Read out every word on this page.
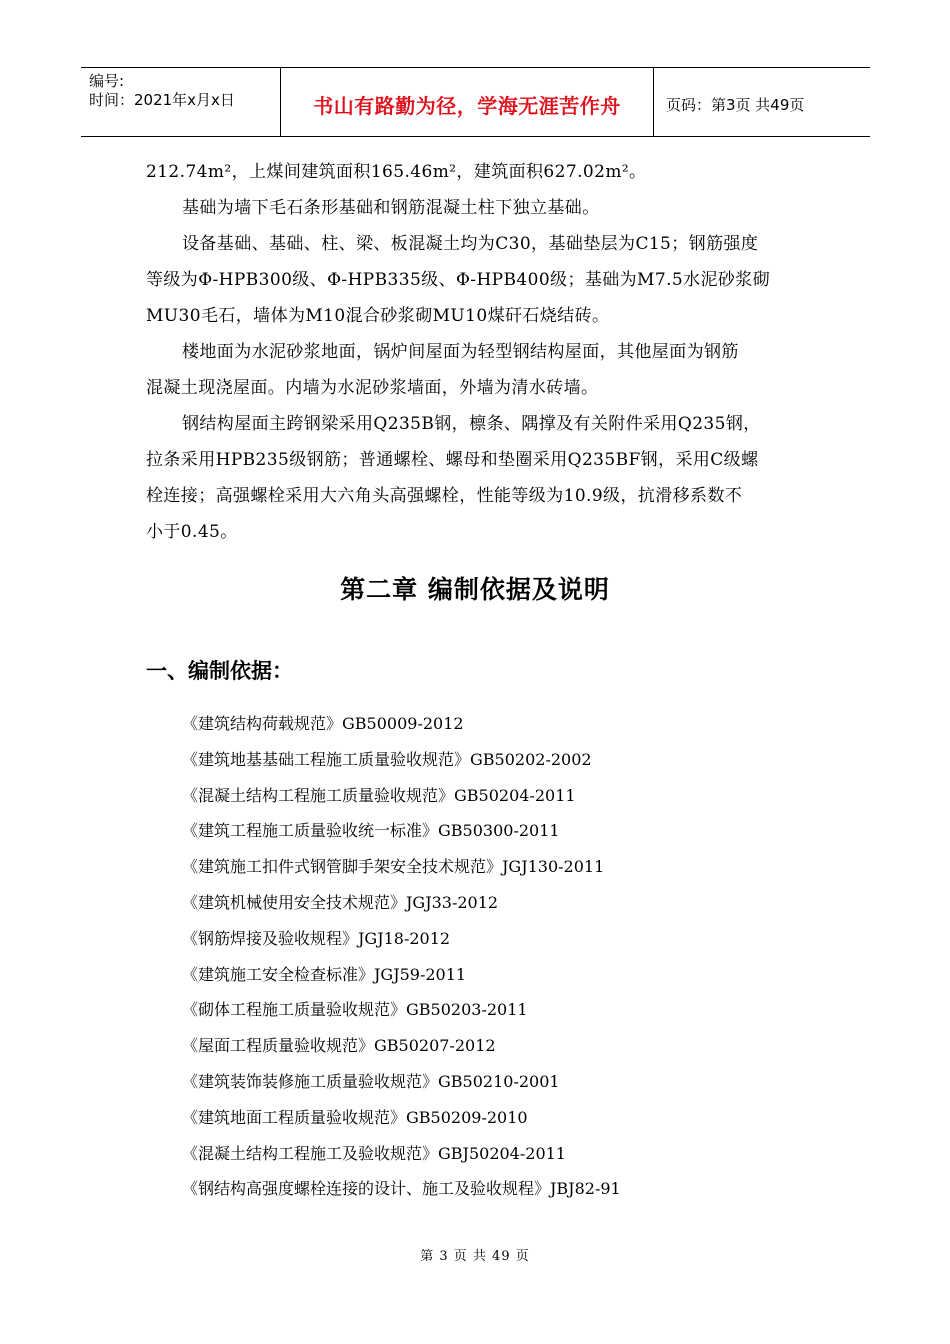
编号:
时间：2021年x月x日	书山有路勤为径，学海无涯苦作舟	页码：第3页 共49页
212.74m²，上煤间建筑面积165.46m²，建筑面积627.02m²。
基础为墙下毛石条形基础和钢筋混凝土柱下独立基础。
设备基础、基础、柱、梁、板混凝土均为C30，基础垫层为C15；钢筋强度
等级为Φ-HPB300级、Φ-HPB335级、Φ-HPB400级；基础为M7.5水泥砂浆砌
MU30毛石，墙体为M10混合砂浆砌MU10煤矸石烧结砖。
楼地面为水泥砂浆地面，锅炉间屋面为轻型钢结构屋面，其他屋面为钢筋
混凝土现浇屋面。内墙为水泥砂浆墙面，外墙为清水砖墙。
钢结构屋面主跨钢梁采用Q235B钢，檩条、隅撑及有关附件采用Q235钢，
拉条采用HPB235级钢筋；普通螺栓、螺母和垫圈采用Q235BF钢，采用C级螺
栓连接；高强螺栓采用大六角头高强螺栓，性能等级为10.9级，抗滑移系数不
小于0.45。
第二章 编制依据及说明
一、编制依据：
《建筑结构荷载规范》GB50009-2012
《建筑地基基础工程施工质量验收规范》GB50202-2002
《混凝土结构工程施工质量验收规范》GB50204-2011
《建筑工程施工质量验收统一标准》GB50300-2011
《建筑施工扣件式钢管脚手架安全技术规范》JGJ130-2011
《建筑机械使用安全技术规范》JGJ33-2012
《钢筋焊接及验收规程》JGJ18-2012
《建筑施工安全检查标准》JGJ59-2011
《砌体工程施工质量验收规范》GB50203-2011
《屋面工程质量验收规范》GB50207-2012
《建筑装饰装修施工质量验收规范》GB50210-2001
《建筑地面工程质量验收规范》GB50209-2010
《混凝土结构工程施工及验收规范》GBJ50204-2011
《钢结构高强度螺栓连接的设计、施工及验收规程》JBJ82-91
第 3 页 共 49 页
